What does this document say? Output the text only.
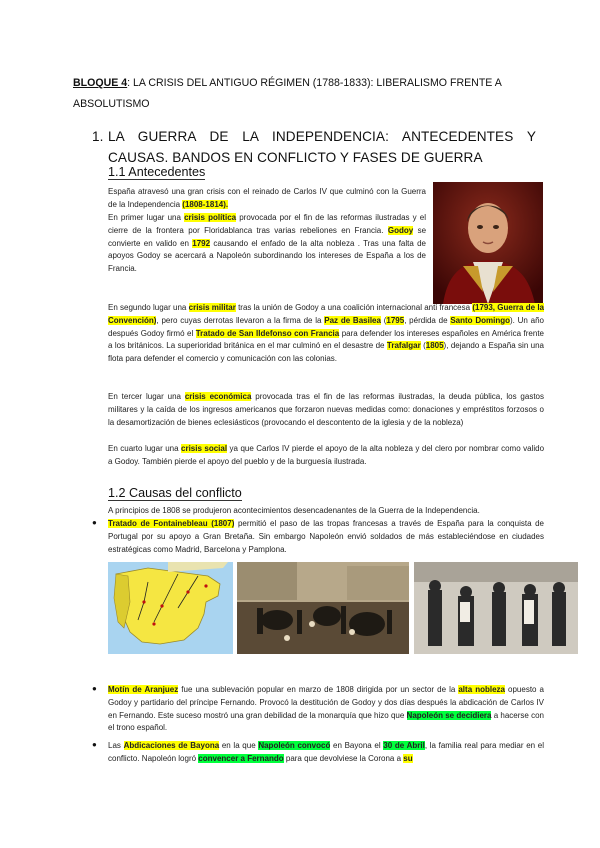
BLOQUE 4: LA CRISIS DEL ANTIGUO RÉGIMEN (1788-1833): LIBERALISMO FRENTE A ABSOLUTISMO
1. LA GUERRA DE LA INDEPENDENCIA: ANTECEDENTES Y CAUSAS. BANDOS EN CONFLICTO Y FASES DE GUERRA
1.1 Antecedentes
España atravesó una gran crisis con el reinado de Carlos IV que culminó con la Guerra de la Independencia (1808-1814).
En primer lugar una crisis política provocada por el fin de las reformas ilustradas y el cierre de la frontera por Floridablanca tras varias rebeliones en Francia. Godoy se convierte en valido en 1792 causando el enfado de la alta nobleza . Tras una falta de apoyos Godoy se acercará a Napoleón subordinando los intereses de España a los de Francia.
En segundo lugar una crisis militar tras la unión de Godoy a una coalición internacional anti francesa (1793, Guerra de la Convención), pero cuyas derrotas llevaron a la firma de la Paz de Basilea (1795, pérdida de Santo Domingo). Un año después Godoy firmó el Tratado de San Ildefonso con Francia para defender los intereses españoles en América frente a los británicos. La superioridad británica en el mar culminó en el desastre de Trafalgar (1805), dejando a España sin una flota para defender el comercio y comunicación con las colonias.
En tercer lugar una crisis económica provocada tras el fin de las reformas ilustradas, la deuda pública, los gastos militares y la caída de los ingresos americanos que forzaron nuevas medidas como: donaciones y empréstitos forzosos o la desamortización de bienes eclesiásticos (provocando el descontento de la iglesia y de la nobleza)
En cuarto lugar una crisis social ya que Carlos IV pierde el apoyo de la alta nobleza y del clero por nombrar como valido a Godoy. También pierde el apoyo del pueblo y de la burguesía ilustrada.
1.2 Causas del conflicto
A principios de 1808 se produjeron acontecimientos desencadenantes de la Guerra de la Independencia.
● Tratado de Fontainebleau (1807) permitió el paso de las tropas francesas a través de España para la conquista de Portugal por su apoyo a Gran Bretaña. Sin embargo Napoleón envió soldados de más estableciéndose en ciudades estratégicas como Madrid, Barcelona y Pamplona.
● Motín de Aranjuez fue una sublevación popular en marzo de 1808 dirigida por un sector de la alta nobleza opuesto a Godoy y partidario del príncipe Fernando. Provocó la destitución de Godoy y dos días después la abdicación de Carlos IV en Fernando. Este suceso mostró una gran debilidad de la monarquía que hizo que Napoleón se decidiera a hacerse con el trono español.
● Las Abdicaciones de Bayona en la que Napoleón convocó en Bayona el 30 de Abril, la familia real para mediar en el conflicto. Napoleón logró convencer a Fernando para que devolviese la Corona a su
